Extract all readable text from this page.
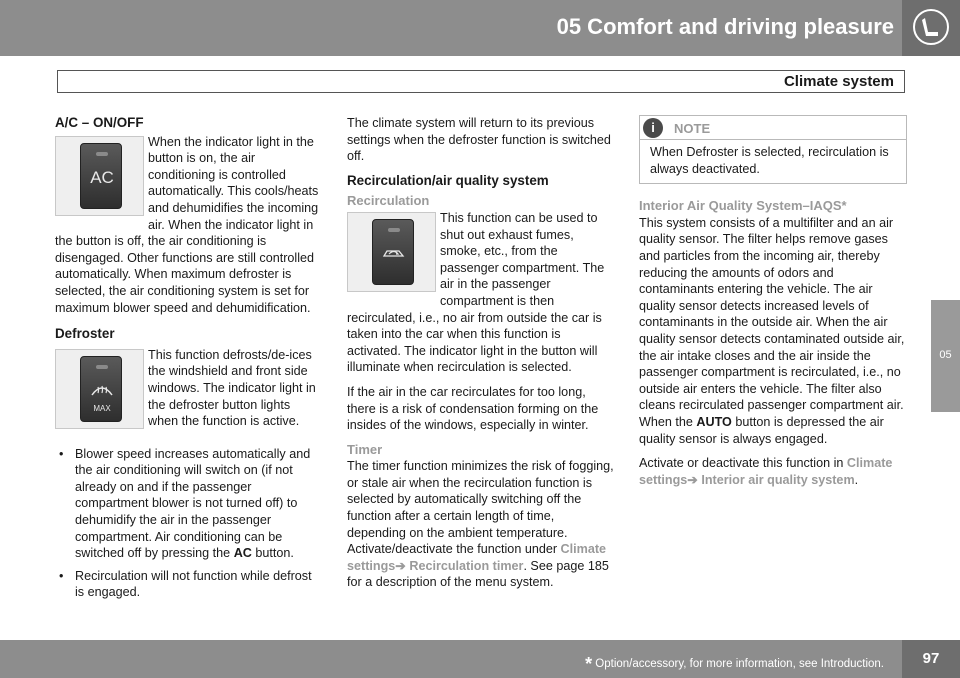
05 Comfort and driving pleasure
Climate system
05
A/C – ON/OFF
AC

When the indicator light in the button is on, the air conditioning is controlled automatically. This cools/heats and dehumidifies the incoming air. When the indicator light in the button is off, the air conditioning is disengaged. Other functions are still controlled automatically. When maximum defroster is selected, the air conditioning system is set for maximum blower speed and dehumidification.

Defroster
MAX

This function defrosts/de-ices the windshield and front side windows. The indicator light in the defroster button lights when the function is active.

• Blower speed increases automatically and the air conditioning will switch on (if not already on and if the passenger compartment blower is not turned off) to dehumidify the air in the passenger compartment. Air conditioning can be switched off by pressing the AC button.
• Recirculation will not function while defrost is engaged.

The climate system will return to its previous settings when the defroster function is switched off.

Recirculation/air quality system
Recirculation

This function can be used to shut out exhaust fumes, smoke, etc., from the passenger compartment. The air in the passenger compartment is then recirculated, i.e., no air from outside the car is taken into the car when this function is activated. The indicator light in the button will illuminate when recirculation is selected.

If the air in the car recirculates for too long, there is a risk of condensation forming on the insides of the windows, especially in winter.

Timer

The timer function minimizes the risk of fogging, or stale air when the recirculation function is selected by automatically switching off the function after a certain length of time, depending on the ambient temperature. Activate/deactivate the function under Climate settings➔ Recirculation timer. See page 185 for a description of the menu system.

i	NOTE
When Defroster is selected, recirculation is always deactivated.
Interior Air Quality System–IAQS*

This system consists of a multifilter and an air quality sensor. The filter helps remove gases and particles from the incoming air, thereby reducing the amounts of odors and contaminants entering the vehicle. The air quality sensor detects increased levels of contaminants in the outside air. When the air quality sensor detects contaminated outside air, the air intake closes and the air inside the passenger compartment is recirculated, i.e., no outside air enters the vehicle. The filter also cleans recirculated passenger compartment air. When the AUTO button is depressed the air quality sensor is always engaged.

Activate or deactivate this function in Climate settings➔ Interior air quality system.

* Option/accessory, for more information, see Introduction.	97
